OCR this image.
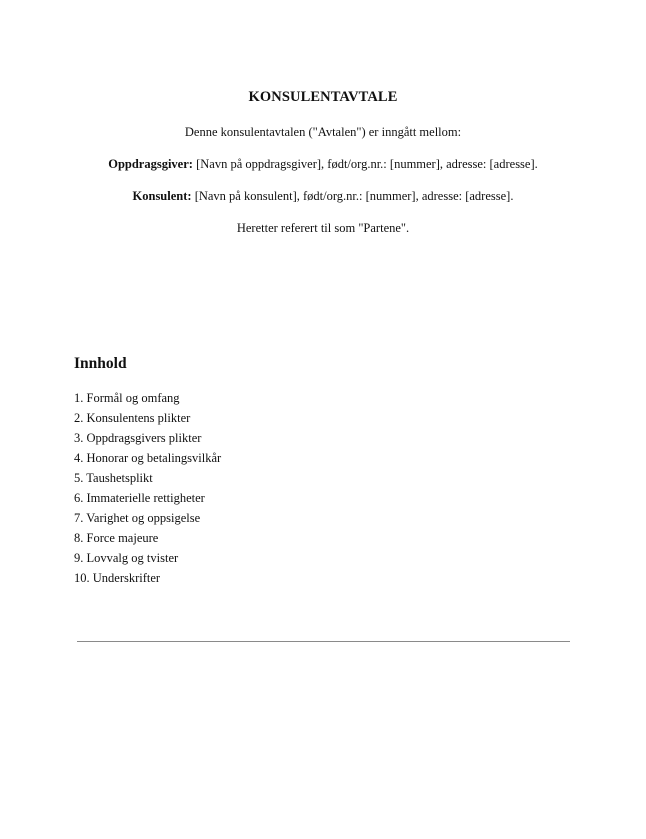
KONSULENTAVTALE
Denne konsulentavtalen ("Avtalen") er inngått mellom:
Oppdragsgiver: [Navn på oppdragsgiver], født/org.nr.: [nummer], adresse: [adresse].
Konsulent: [Navn på konsulent], født/org.nr.: [nummer], adresse: [adresse].
Heretter referert til som "Partene".
Innhold
1. Formål og omfang
2. Konsulentens plikter
3. Oppdragsgivers plikter
4. Honorar og betalingsvilkår
5. Taushetsplikt
6. Immaterielle rettigheter
7. Varighet og oppsigelse
8. Force majeure
9. Lovvalg og tvister
10. Underskrifter
